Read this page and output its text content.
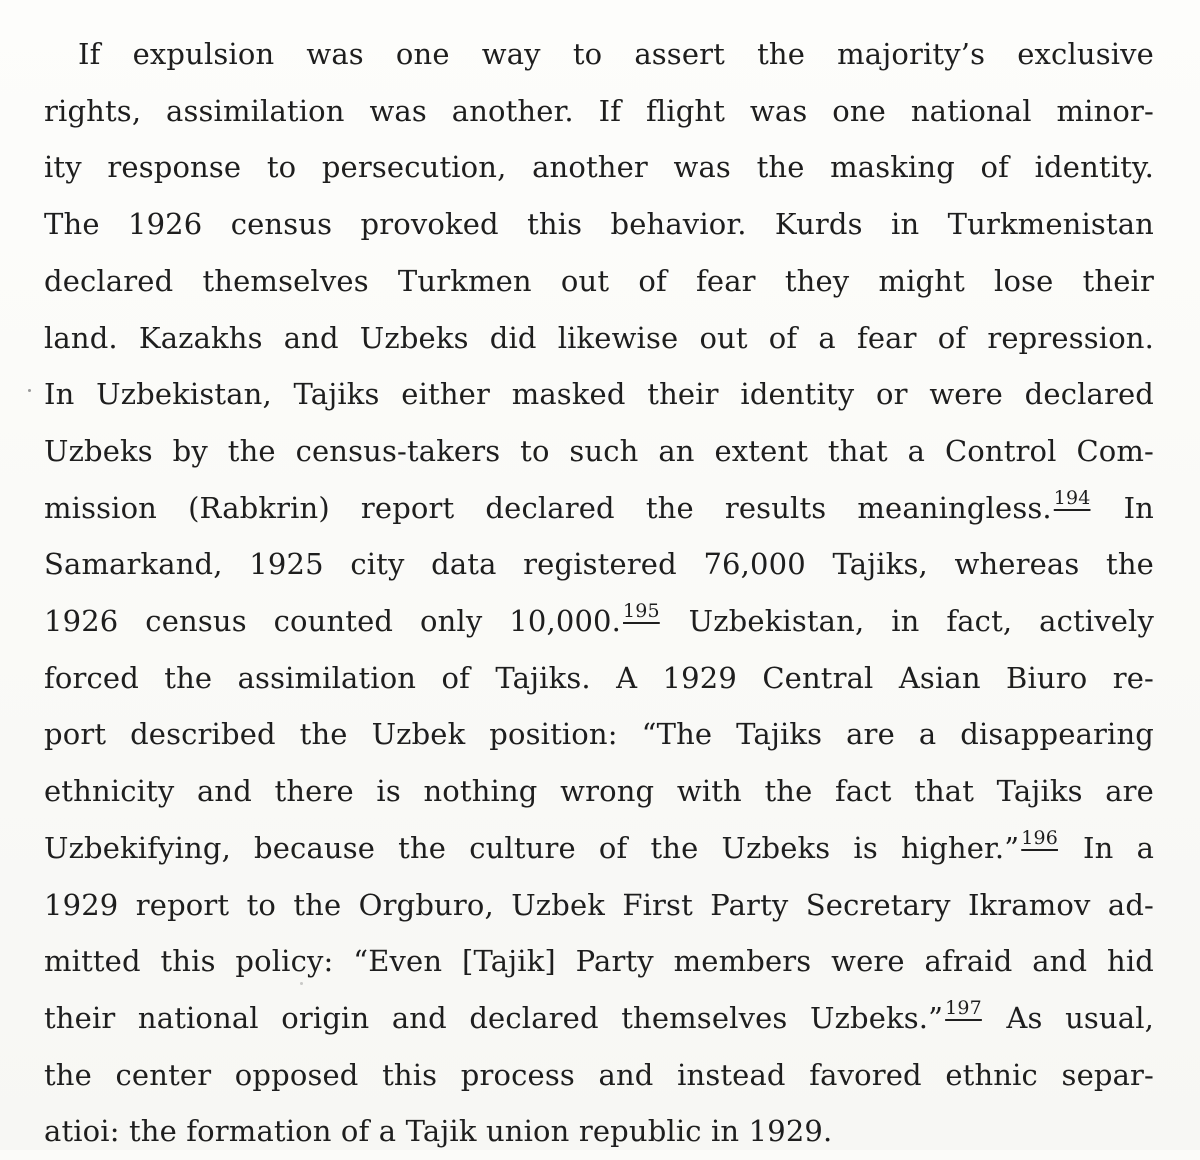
If expulsion was one way to assert the majority’s exclusive
rights, assimilation was another. If flight was one national minor-
ity response to persecution, another was the masking of identity.
The 1926 census provoked this behavior. Kurds in Turkmenistan
declared themselves Turkmen out of fear they might lose their
land. Kazakhs and Uzbeks did likewise out of a fear of repression.
In Uzbekistan, Tajiks either masked their identity or were declared
Uzbeks by the census-takers to such an extent that a Control Com-
mission (Rabkrin) report declared the results meaningless. $^{194}$ In
Samarkand, 1925 city data registered 76,000 Tajiks, whereas the
1926 census counted only 10,000. $^{195}$ Uzbekistan, in fact, actively
forced the assimilation of Tajiks. A 1929 Central Asian Biuro re-
port described the Uzbek position: “The Tajiks are a disappearing
ethnicity and there is nothing wrong with the fact that Tajiks are
Uzbekifying, because the culture of the Uzbeks is higher.” $^{196}$ In a
1929 report to the Orgburo, Uzbek First Party Secretary Ikramov ad-
mitted this policy: “Even [Tajik] Party members were afraid and hid
their national origin and declared themselves Uzbeks.” $^{197}$ As usual,
the center opposed this process and instead favored ethnic separ-
atioi: the formation of a Tajik union republic in 1929.
